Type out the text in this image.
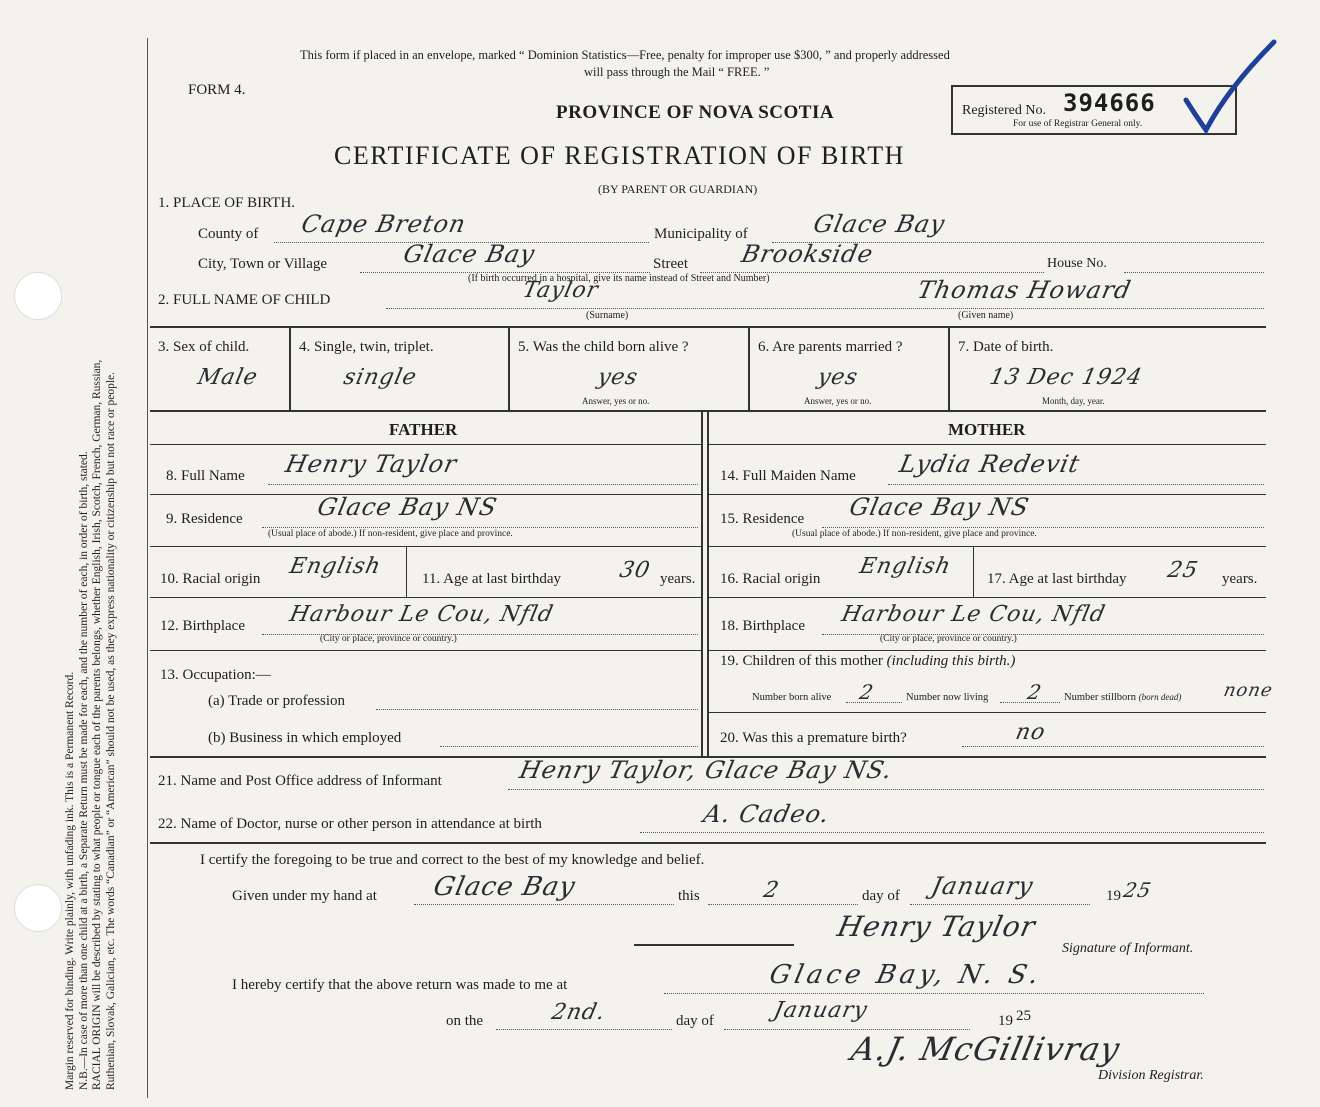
Margin reserved for binding. Write plainly, with unfading ink. This is a Permanent Record. N.B.—In case of more than one child at a birth, a Separate Return must be made for each, and the number of each, in order of birth, stated. RACIAL ORIGIN will be described by stating to what people or tongue each of the parents belongs, whether English, Irish, Scotch, French, German, Russian, Ruthenian, Slovak, Galician, etc. The words “Canadian” or “American” should not be used, as they express nationality or citizenship but not race or people.
This form if placed in an envelope, marked “ Dominion Statistics—Free, penalty for improper use $300, ” and properly addressed
will pass through the Mail “ FREE. ”
FORM 4.
PROVINCE OF NOVA SCOTIA
CERTIFICATE OF REGISTRATION OF BIRTH
(BY PARENT OR GUARDIAN)
Registered No. 394666
For use of Registrar General only.
1. PLACE OF BIRTH.
County of Cape Breton	Municipality of	Glace Bay
City, Town or Village	Glace Bay	Street Brookside	House No.
(If birth occurred in a hospital, give its name instead of Street and Number)
2. FULL NAME OF CHILD	Taylor
(Surname)
Thomas Howard
(Given name)
3. Sex of child.
Male
4. Single, twin, triplet.
single
5. Was the child born alive ?
yes
Answer, yes or no.
6. Are parents married ?
yes
Answer, yes or no.
7. Date of birth.
13 Dec 1924
Month, day, year.
FATHER	MOTHER
8. Full Name Henry Taylor
9. Residence	Glace Bay NS
(Usual place of abode.) If non-resident, give place and province.
10. Racial origin English	11. Age at last birthday	30 years.
12. Birthplace Harbour Le Cou, Nfld
(City or place, province or country.)
13. Occupation:—
(a) Trade or profession
(b) Business in which employed
14. Full Maiden Name Lydia Redevit
15. Residence Glace Bay NS
(Usual place of abode.) If non-resident, give place and province.
16. Racial origin English 17. Age at last birthday 25 years.
18. Birthplace Harbour Le Cou, Nfld
(City or place, province or country.)
19. Children of this mother (including this birth.)
Number born alive 2	Number now living 2 Number stillborn (born dead) none
20. Was this a premature birth?	no
21. Name and Post Office address of Informant	Henry Taylor, Glace Bay NS.
22. Name of Doctor, nurse or other person in attendance at birth	A. Cadeo.
I certify the foregoing to be true and correct to the best of my knowledge and belief.
Given under my hand at Glace Bay	this	2	day of January	19 25
Henry Taylor
Signature of Informant.
I hereby certify that the above return was made to me at	Glace Bay, N. S.
on the	2nd.	day of	January	19 25
A.J. McGillivray
Division Registrar.
